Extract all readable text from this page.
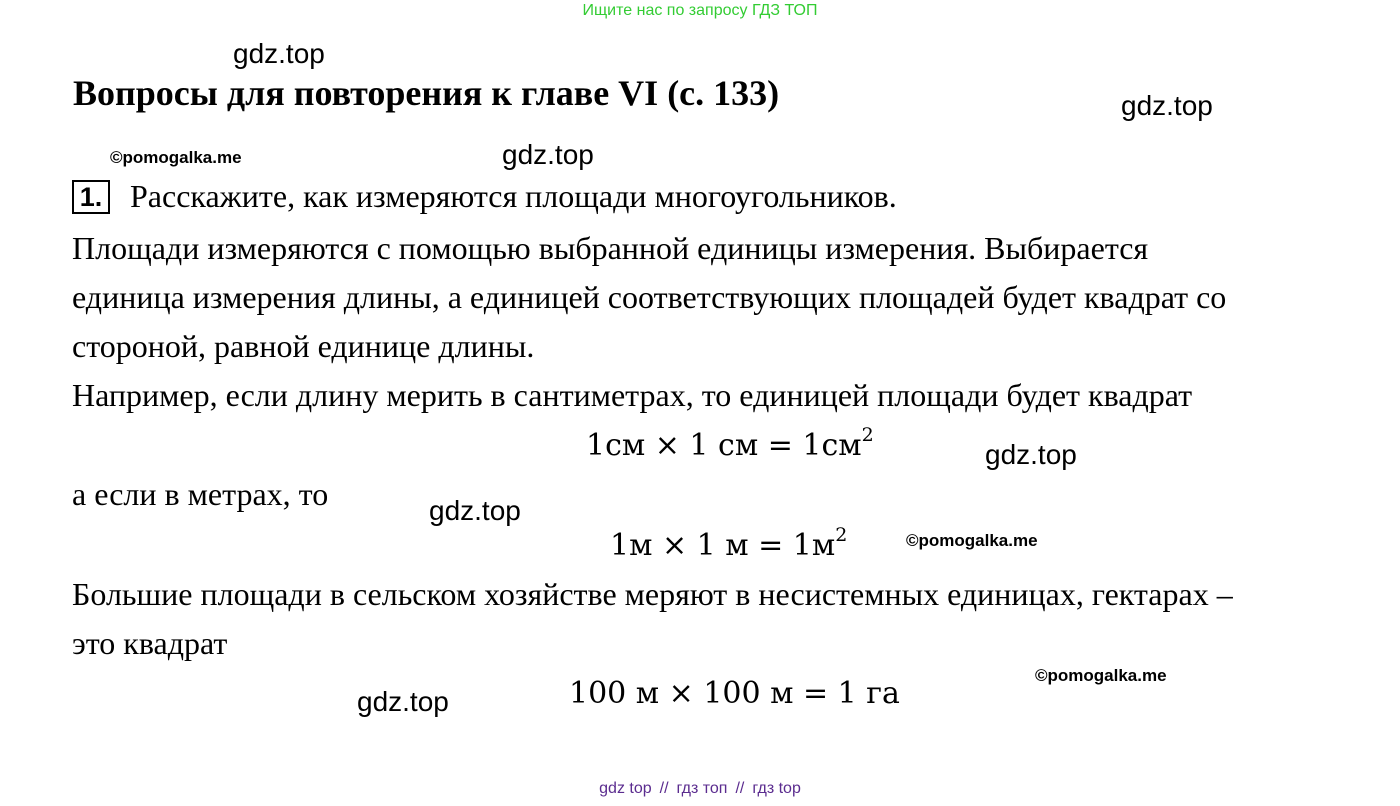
Ищите нас по запросу ГДЗ ТОП
gdz.top
gdz.top
gdz.top
gdz.top
gdz.top
gdz.top
©pomogalka.me
©pomogalka.me
©pomogalka.me
Вопросы для повторения к главе VI (с. 133)
1. Расскажите, как измеряются площади многоугольников.
Площади измеряются с помощью выбранной единицы измерения. Выбирается
единица измерения длины, а единицей соответствующих площадей будет квадрат со
стороной, равной единице длины.
Например, если длину мерить в сантиметрах, то единицей площади будет квадрат
1см × 1 см = $1см^2$
а если в метрах, то
1м × 1 $м = 1м^2$
Большие площади в сельском хозяйстве меряют в несистемных единицах, гектарах –
это квадрат
100 м × 100 м = 1 га
gdz top // гдз топ // гдз top
